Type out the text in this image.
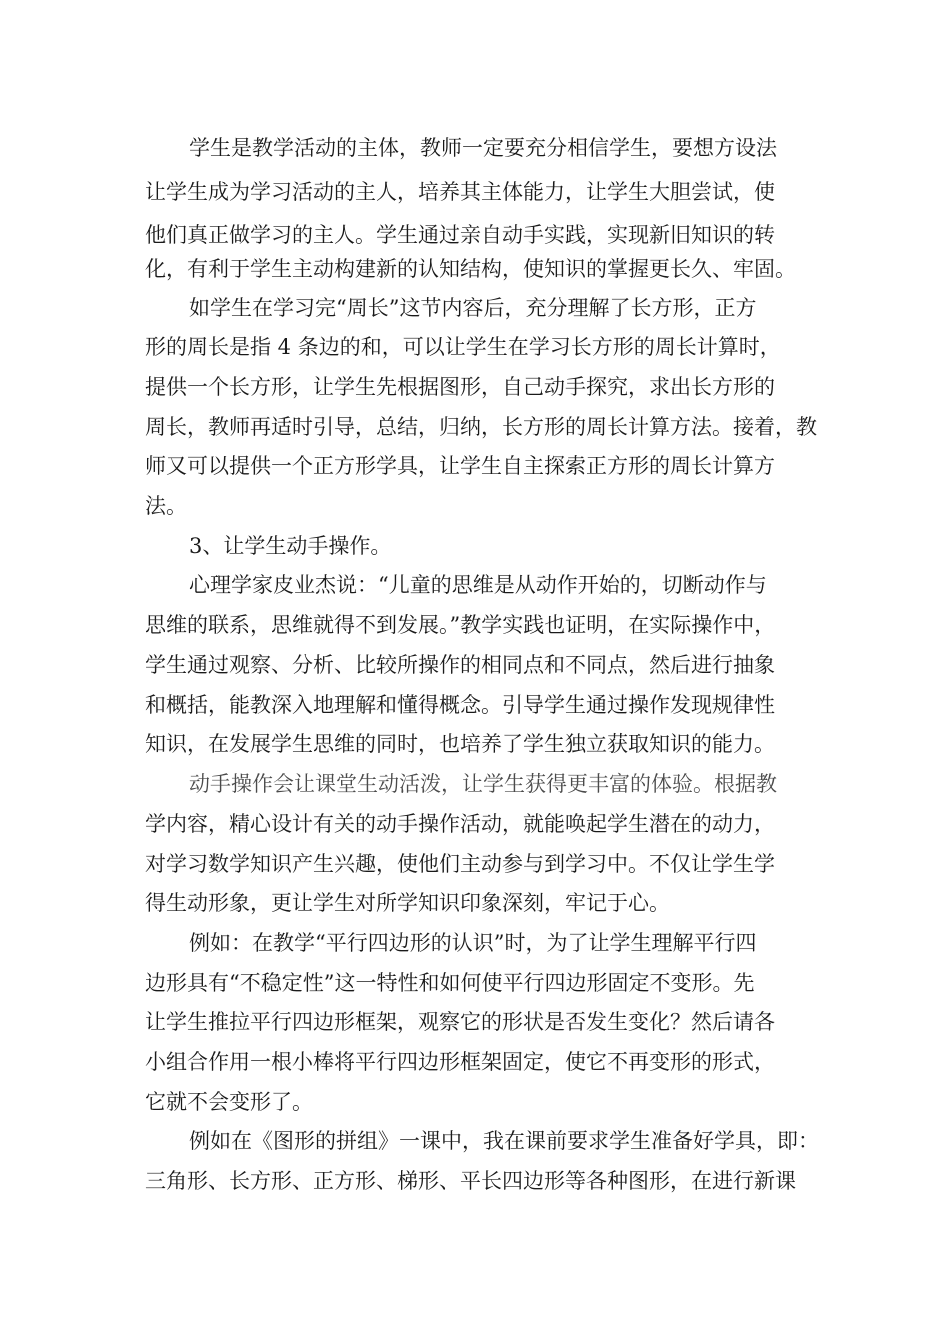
学生是教学活动的主体，教师一定要充分相信学生，要想方设法
让学生成为学习活动的主人，培养其主体能力，让学生大胆尝试，使
他们真正做学习的主人。学生通过亲自动手实践，实现新旧知识的转
化，有利于学生主动构建新的认知结构，使知识的掌握更长久、牢固。
如学生在学习完“周长”这节内容后，充分理解了长方形，正方
形的周长是指 4 条边的和，可以让学生在学习长方形的周长计算时，
提供一个长方形，让学生先根据图形，自己动手探究，求出长方形的
周长，教师再适时引导，总结，归纳，长方形的周长计算方法。接着，教
师又可以提供一个正方形学具，让学生自主探索正方形的周长计算方
法。
3、让学生动手操作。
心理学家皮业杰说：“儿童的思维是从动作开始的，切断动作与
思维的联系，思维就得不到发展。”教学实践也证明，在实际操作中，
学生通过观察、分析、比较所操作的相同点和不同点，然后进行抽象
和概括，能教深入地理解和懂得概念。引导学生通过操作发现规律性
知识，在发展学生思维的同时，也培养了学生独立获取知识的能力。
动手操作会让课堂生动活泼，让学生获得更丰富的体验。根据教
学内容，精心设计有关的动手操作活动，就能唤起学生潜在的动力，
对学习数学知识产生兴趣，使他们主动参与到学习中。不仅让学生学
得生动形象，更让学生对所学知识印象深刻，牢记于心。
例如：在教学“平行四边形的认识”时，为了让学生理解平行四
边形具有“不稳定性”这一特性和如何使平行四边形固定不变形。先
让学生推拉平行四边形框架，观察它的形状是否发生变化？然后请各
小组合作用一根小棒将平行四边形框架固定，使它不再变形的形式，
它就不会变形了。
例如在《图形的拼组》一课中，我在课前要求学生准备好学具，即：
三角形、长方形、正方形、梯形、平长四边形等各种图形，在进行新课
